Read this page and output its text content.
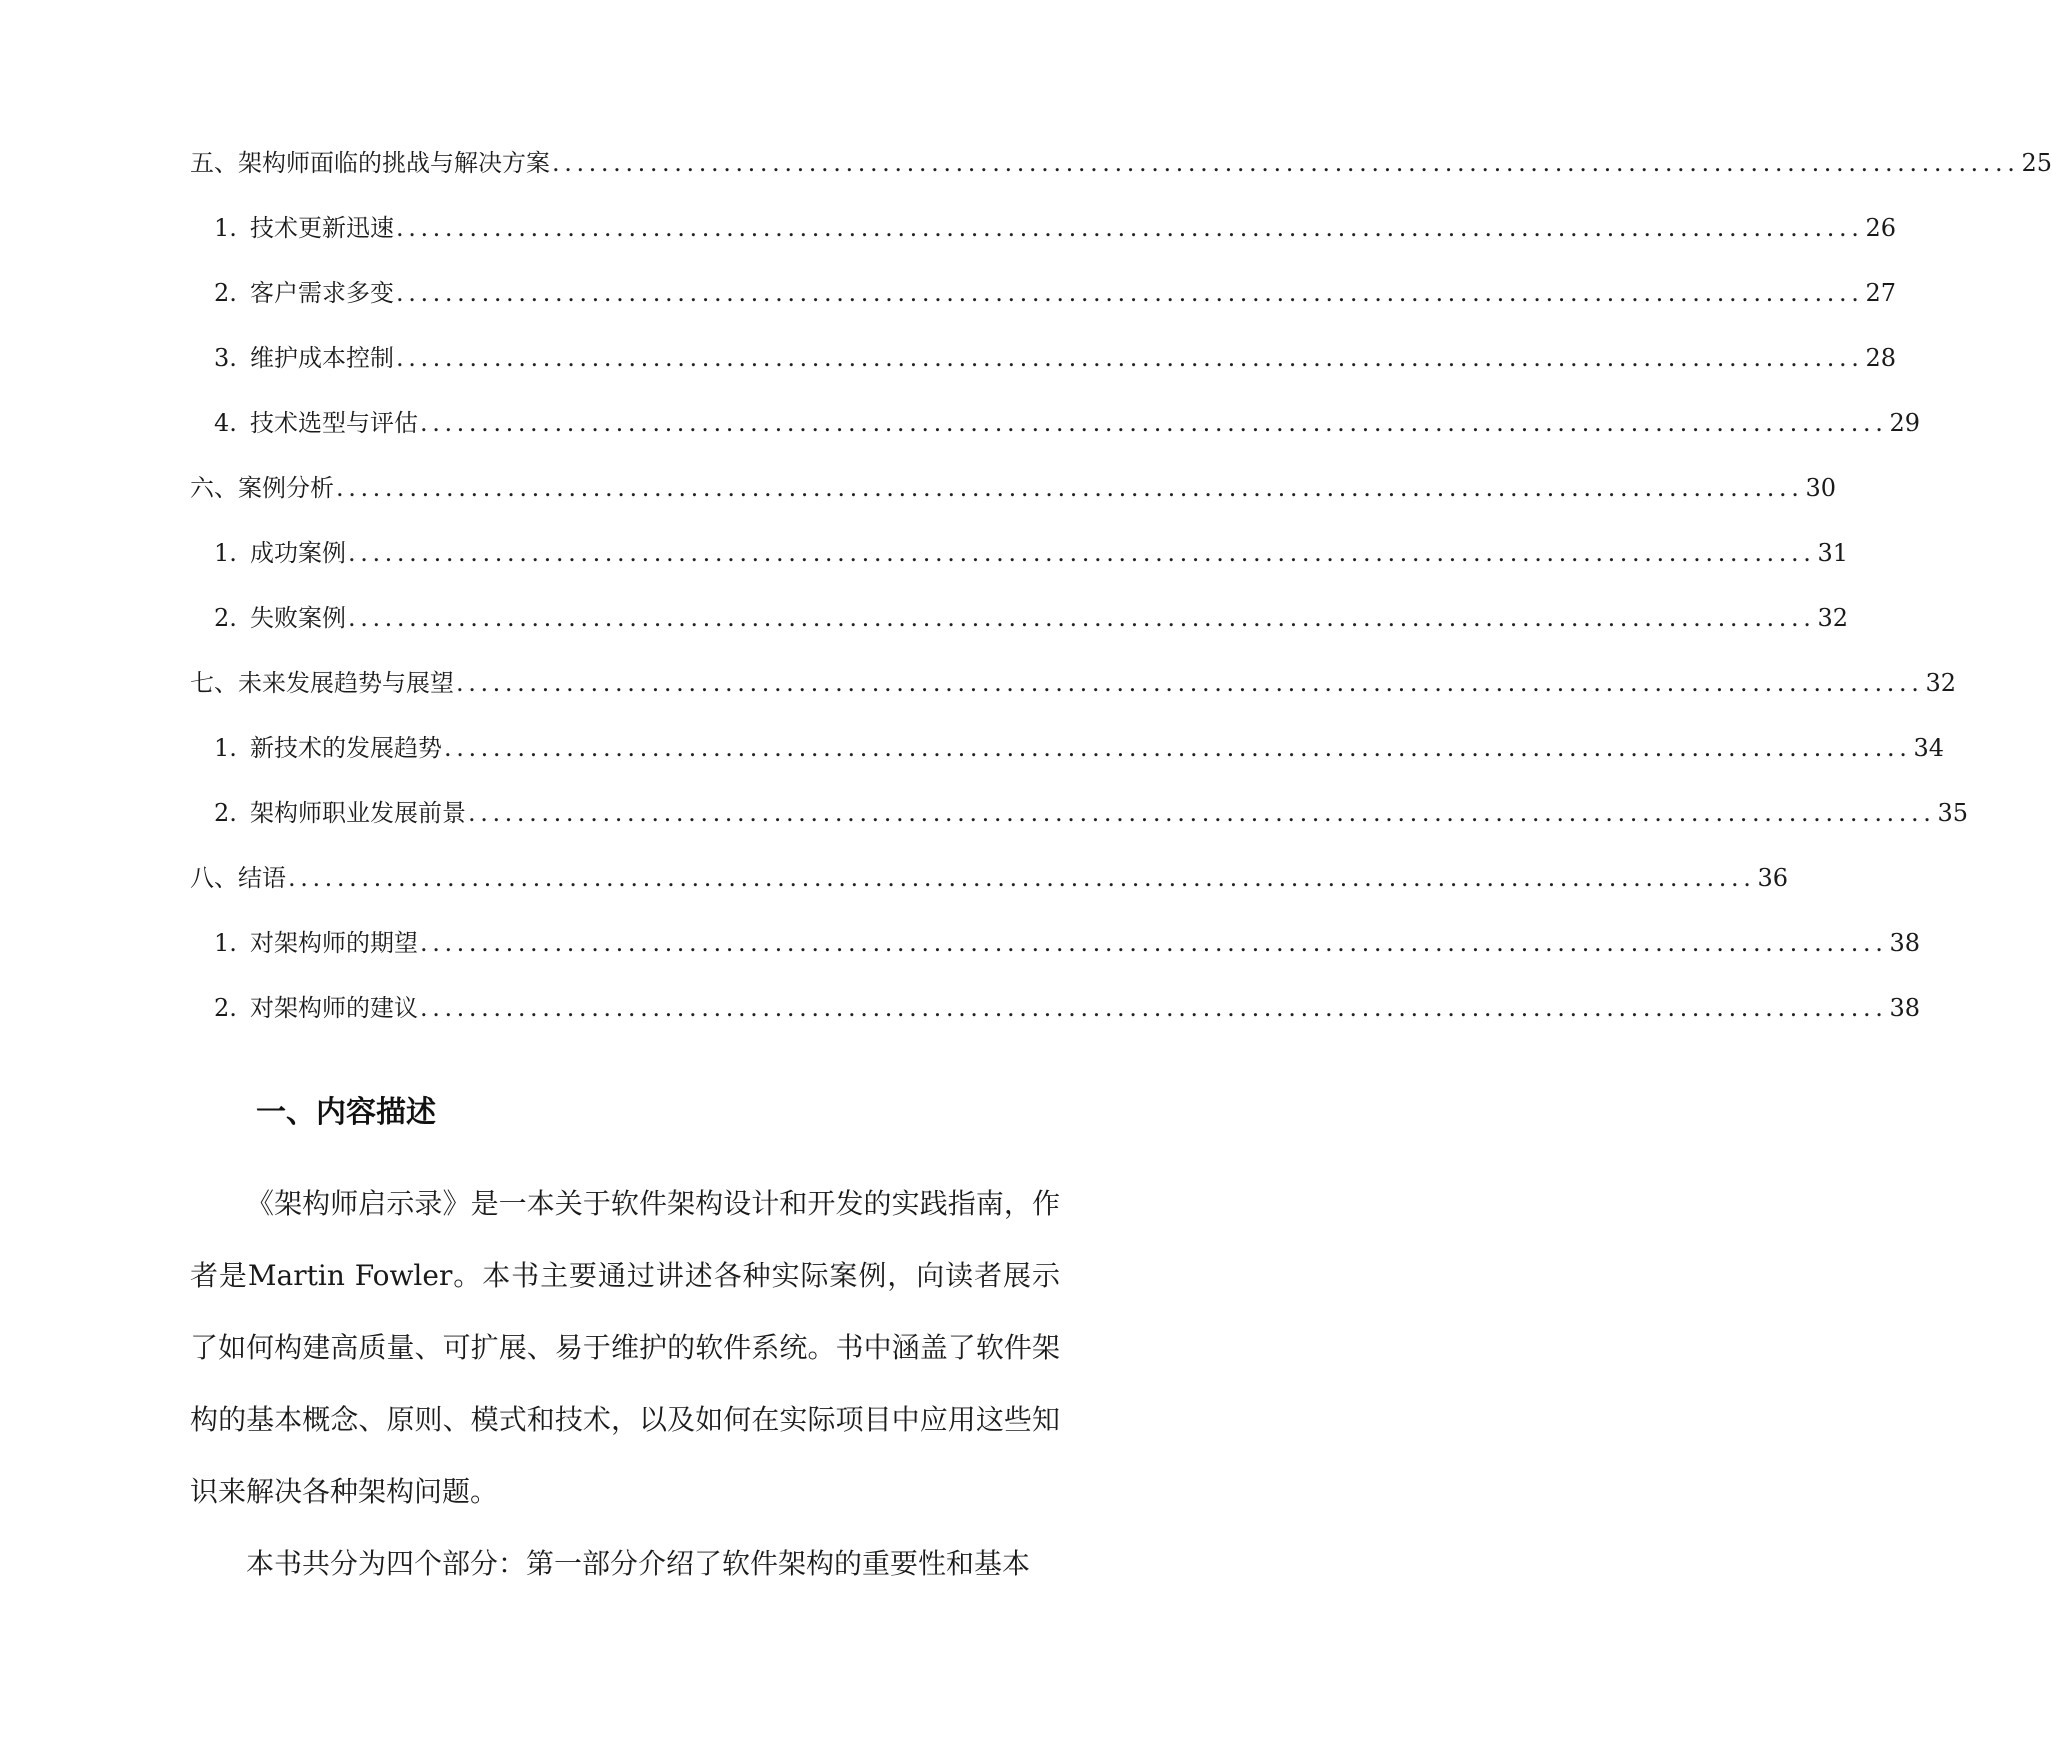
五、架构师面临的挑战与解决方案 ........................................................................................................................ 25
1. 技术更新迅速 ........................................................................................................................ 26
2. 客户需求多变 ........................................................................................................................ 27
3. 维护成本控制 ........................................................................................................................ 28
4. 技术选型与评估 ........................................................................................................................ 29
六、案例分析 ........................................................................................................................ 30
1. 成功案例 ........................................................................................................................ 31
2. 失败案例 ........................................................................................................................ 32
七、未来发展趋势与展望 ........................................................................................................................ 32
1. 新技术的发展趋势 ........................................................................................................................ 34
2. 架构师职业发展前景 ........................................................................................................................ 35
八、结语 ........................................................................................................................ 36
1. 对架构师的期望 ........................................................................................................................ 38
2. 对架构师的建议 ........................................................................................................................ 38
一、内容描述

《架构师启示录》是一本关于软件架构设计和开发的实践指南，作者是Martin Fowler。本书主要通过讲述各种实际案例，向读者展示了如何构建高质量、可扩展、易于维护的软件系统。书中涵盖了软件架构的基本概念、原则、模式和技术，以及如何在实际项目中应用这些知识来解决各种架构问题。

本书共分为四个部分：第一部分介绍了软件架构的重要性和基本
